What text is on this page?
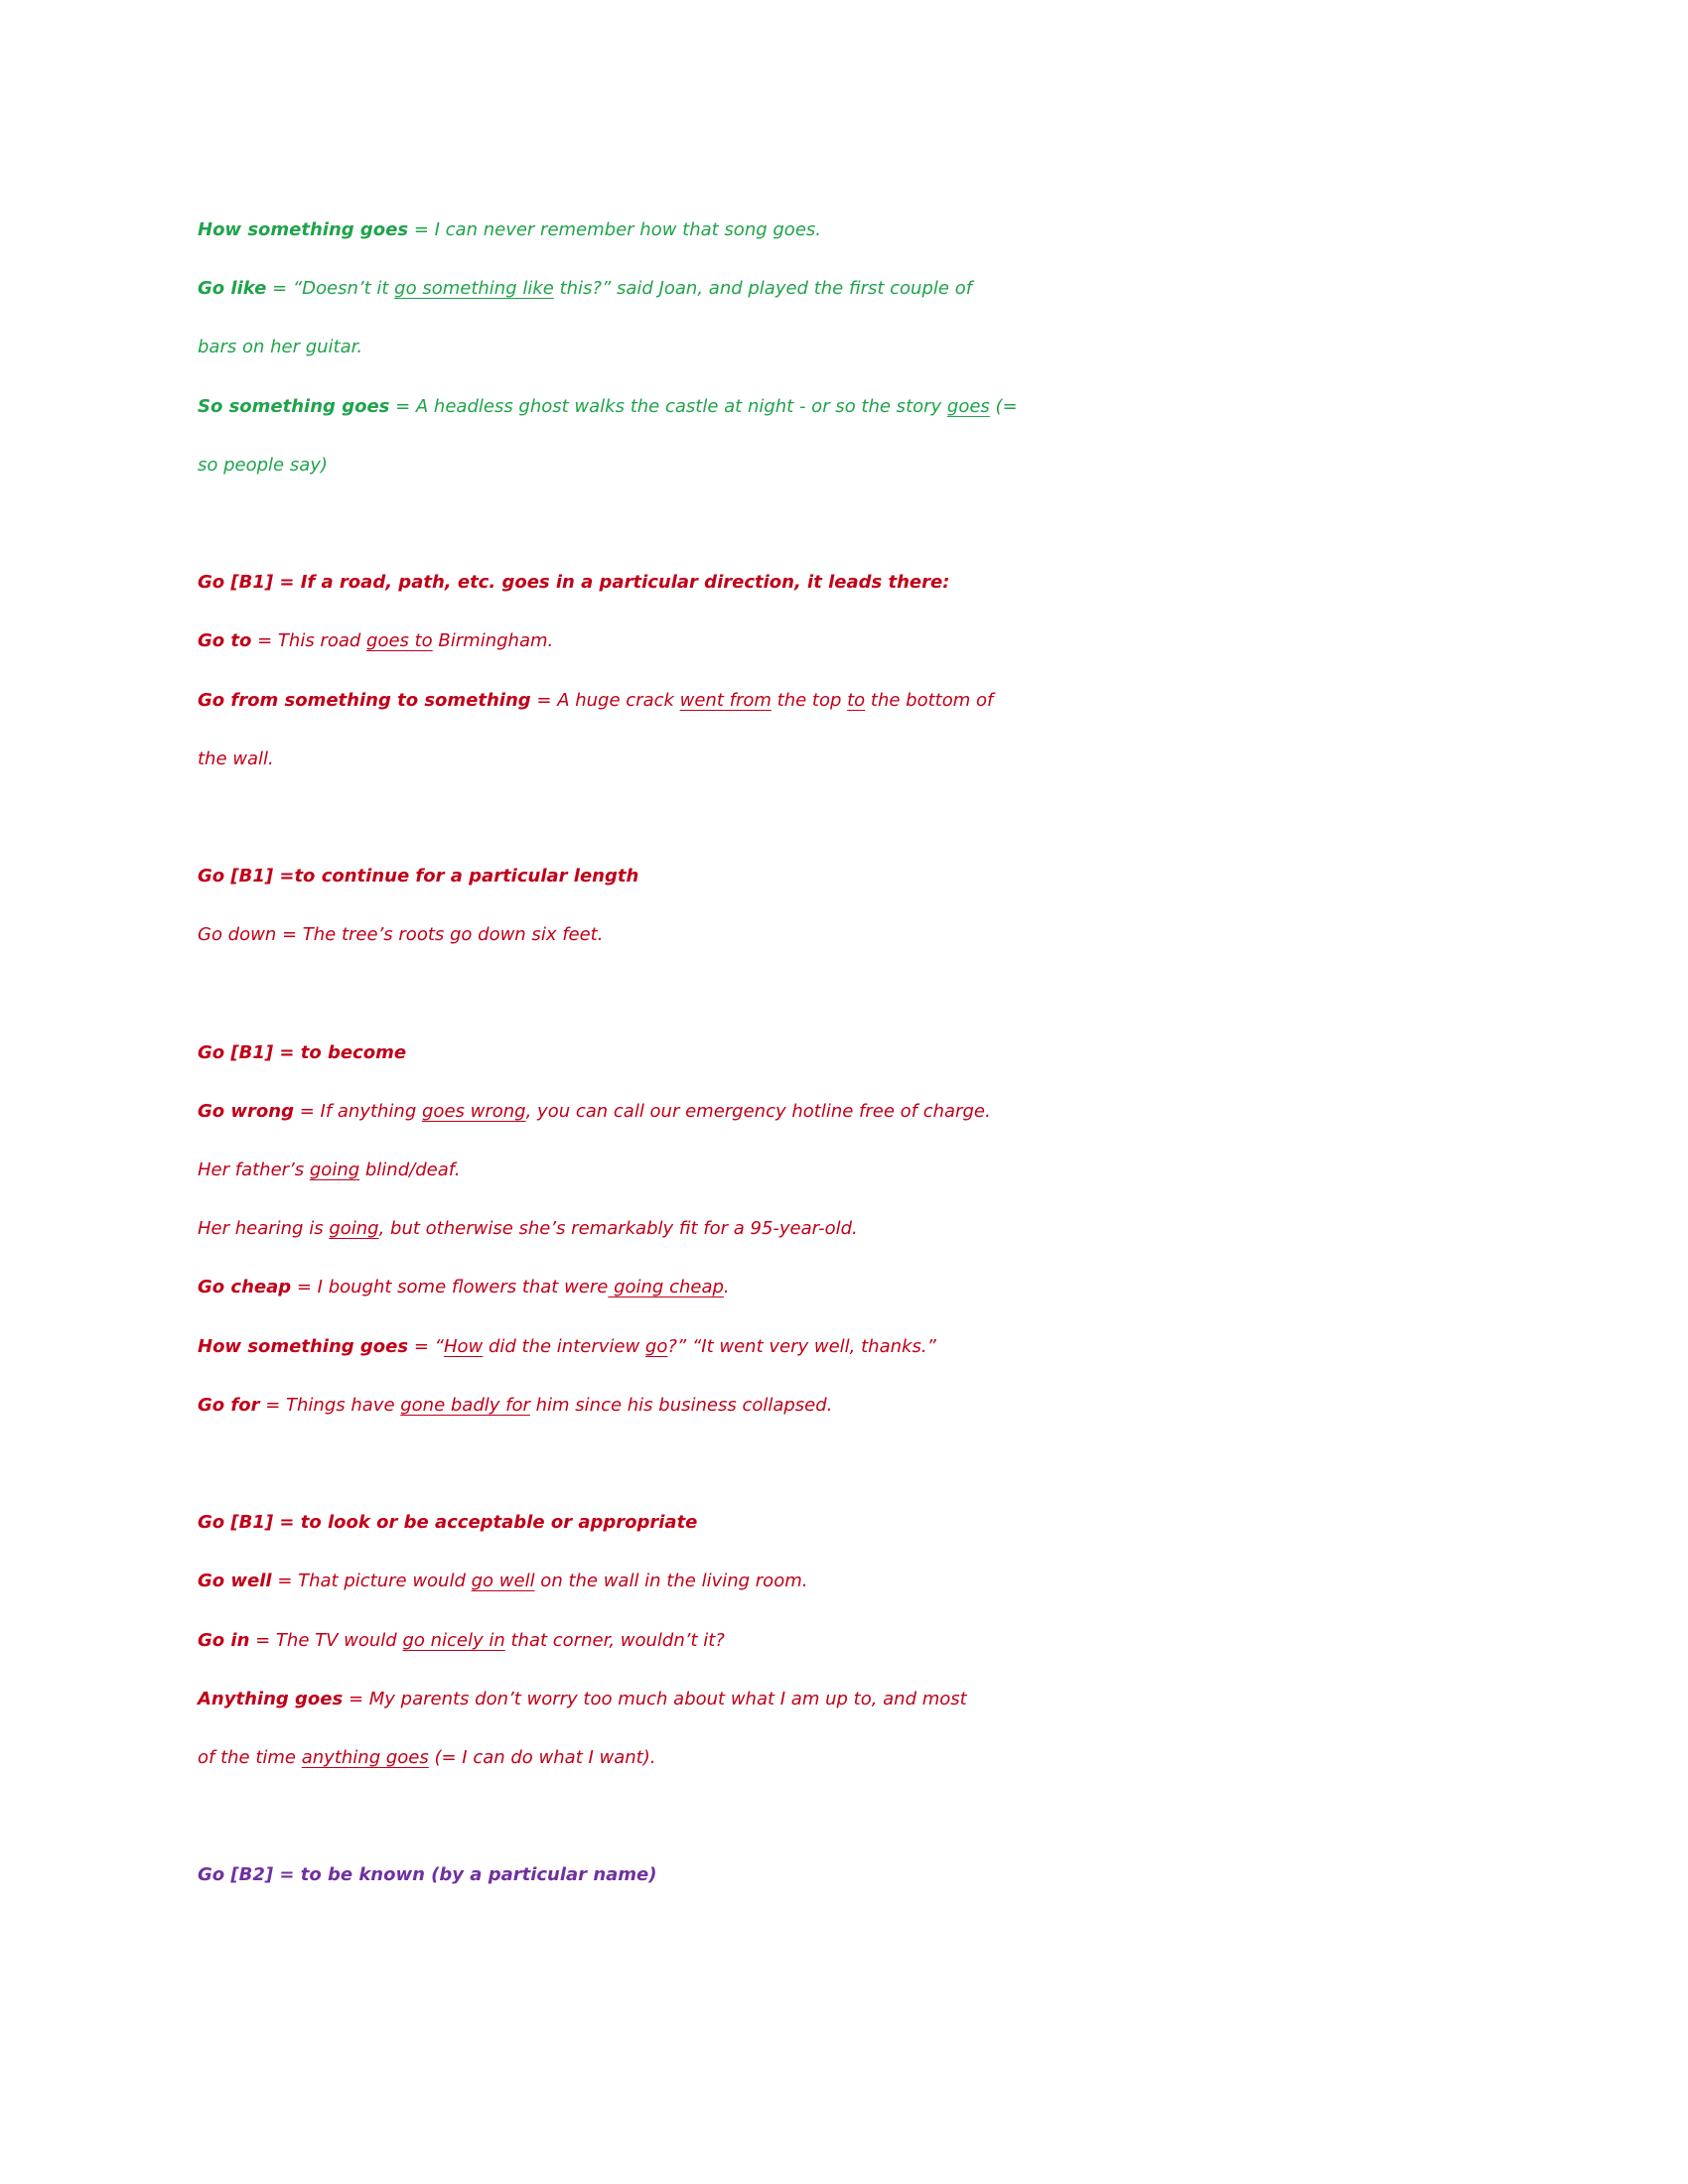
How something goes = I can never remember how that song goes.
Go like = “Doesn’t it go something like this?” said Joan, and played the first couple of
bars on her guitar.
So something goes = A headless ghost walks the castle at night - or so the story goes (=
so people say)
Go [B1] = If a road, path, etc. goes in a particular direction, it leads there:
Go to = This road goes to Birmingham.
Go from something to something = A huge crack went from the top to the bottom of
the wall.
Go [B1] =to continue for a particular length
Go down = The tree’s roots go down six feet.
Go [B1] = to become
Go wrong = If anything goes wrong, you can call our emergency hotline free of charge.
Her father’s going blind/deaf.
Her hearing is going, but otherwise she’s remarkably fit for a 95-year-old.
Go cheap = I bought some flowers that were going cheap.
How something goes = “How did the interview go?” “It went very well, thanks.”
Go for = Things have gone badly for him since his business collapsed.
Go [B1] = to look or be acceptable or appropriate
Go well = That picture would go well on the wall in the living room.
Go in = The TV would go nicely in that corner, wouldn’t it?
Anything goes = My parents don’t worry too much about what I am up to, and most
of the time anything goes (= I can do what I want).
Go [B2] = to be known (by a particular name)
